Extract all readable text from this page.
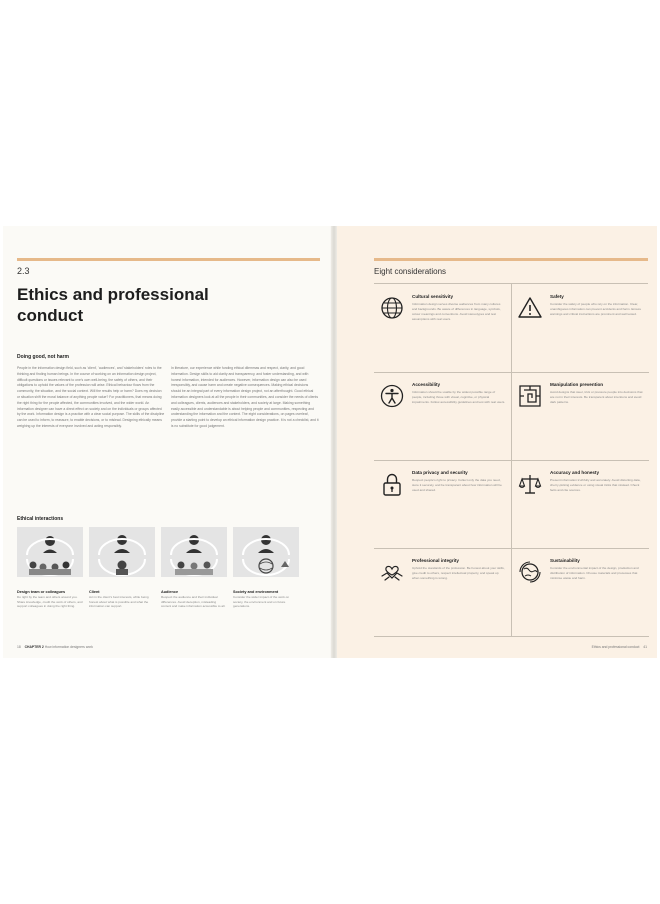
2.3
Ethics and professional conduct
Doing good, not harm
People in the information design field, such as 'client', 'audiences', and 'stakeholders' roles to the thinking and finding human beings. In the course of working on an information design project, difficult questions or issues relevant to one's own well-being, the safety of others, and their obligations to uphold the values of the profession will arise. Ethical behaviour flows from the community, the situation, and the social context. Will the results help or harm? Does my decision or situation shift the moral balance of anything people value? For practitioners, that means doing the right thing for the people affected, the communities involved, and the wider world. An information designer can have a direct effect on society and on the individuals or groups affected by the work. Information design is a practice with a clear social purpose. The skills of the discipline can be used to inform, to reassure, to enable decisions, or to mislead. Designing ethically means weighing up the interests of everyone involved and acting responsibly.
In literature, our experience while funding ethical dilemmas and respect, clarity, and good information. Design skills to aid clarity and transparency, and foster understanding, and with honest information, intended for audiences. However, information design can also be used irresponsibly, and cause harm and create negative consequences. Making ethical decisions should be an integral part of every information design project, not an afterthought. Good ethical information designers look at all the people in their communities, and consider the needs of clients and colleagues, clients, audiences and stakeholders, and society at large. Making something easily accessible and understandable is about helping people and communities, respecting and understanding the information and the context. The eight considerations, on pages overleaf, provide a starting point to develop an ethical information design practice. It is not a checklist, and it is no substitute for good judgement.
Ethical interactions
Design team or colleagues
Do right by the team and others around you. Share knowledge, credit the work of others, and support colleagues in doing the right thing.
Client
Act in the client's best interests, while being honest about what is possible and what the information can support.
Audience
Respect the audience and their individual differences. Avoid deception, misleading content and make information accessible to all.
Society and environment
Consider the wider impact of the work on society, the environment and on future generations.
18 CHAPTER 2 How information designers work
Eight considerations
Cultural sensitivity
Information design serves diverse audiences from many cultures and backgrounds. Be aware of differences in language, symbols, colour meanings and conventions. Avoid stereotypes and test assumptions with real users.
Safety
Consider the safety of people who rely on the information. Clear, unambiguous information can prevent accidents and harm. Ensure warnings and critical instructions are prominent and well tested.
Accessibility
Information should be usable by the widest possible range of people, including those with visual, cognitive, or physical impairments. Follow accessibility guidelines and test with real users.
Manipulation prevention
Avoid designs that steer, trick or pressure people into decisions that are not in their interests. Be transparent about intentions and avoid dark patterns.
Data privacy and security
Respect people's right to privacy. Collect only the data you need, store it securely, and be transparent about how information will be used and shared.
Accuracy and honesty
Present information truthfully and accurately. Avoid distorting data, cherry-picking evidence or using visual tricks that mislead. Check facts and cite sources.
Professional integrity
Uphold the standards of the profession. Be honest about your skills, give credit to others, respect intellectual property, and speak up when something is wrong.
Sustainability
Consider the environmental impact of the design, production and distribution of information. Choose materials and processes that minimise waste and harm.
Ethics and professional conduct 41
